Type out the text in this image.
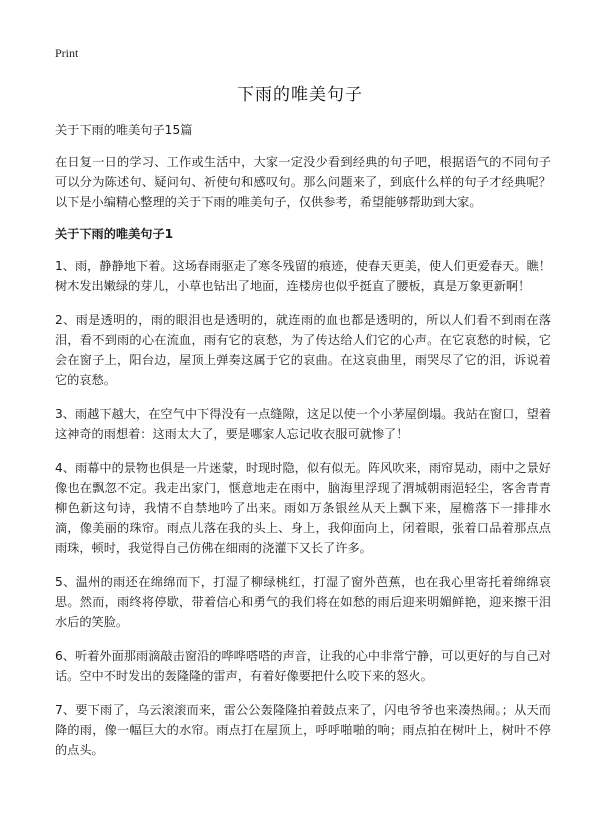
Print
下雨的唯美句子

关于下雨的唯美句子15篇

在日复一日的学习、工作或生活中，大家一定没少看到经典的句子吧，根据语气的不同句子可以分为陈述句、疑问句、祈使句和感叹句。那么问题来了，到底什么样的句子才经典呢？以下是小编精心整理的关于下雨的唯美句子，仅供参考，希望能够帮助到大家。

关于下雨的唯美句子1

1、雨，静静地下着。这场春雨驱走了寒冬残留的痕迹，使春天更美，使人们更爱春天。瞧！树木发出嫩绿的芽儿，小草也钻出了地面，连楼房也似乎挺直了腰板，真是万象更新啊！

2、雨是透明的，雨的眼泪也是透明的，就连雨的血也都是透明的，所以人们看不到雨在落泪，看不到雨的心在流血，雨有它的哀愁，为了传达给人们它的心声。在它哀愁的时候，它会在窗子上，阳台边，屋顶上弹奏这属于它的哀曲。在这哀曲里，雨哭尽了它的泪，诉说着它的哀愁。

3、雨越下越大，在空气中下得没有一点缝隙，这足以使一个小茅屋倒塌。我站在窗口，望着这神奇的雨想着：这雨太大了，要是哪家人忘记收衣服可就惨了！

4、雨幕中的景物也俱是一片迷蒙，时现时隐，似有似无。阵风吹来，雨帘晃动，雨中之景好像也在飘忽不定。我走出家门，惬意地走在雨中，脑海里浮现了渭城朝雨浥轻尘，客舍青青柳色新这句诗，我情不自禁地吟了出来。雨如万条银丝从天上飘下来，屋檐落下一排排水滴，像美丽的珠帘。雨点儿落在我的头上、身上，我仰面向上，闭着眼，张着口品着那点点雨珠，顿时，我觉得自己仿佛在细雨的浇灌下又长了许多。

5、温州的雨还在绵绵而下，打湿了柳绿桃红，打湿了窗外芭蕉，也在我心里寄托着绵绵哀思。然而，雨终将停歇，带着信心和勇气的我们将在如愁的雨后迎来明媚鲜艳，迎来擦干泪水后的笑脸。

6、听着外面那雨滴敲击窗沿的哗哗嗒嗒的声音，让我的心中非常宁静，可以更好的与自己对话。空中不时发出的轰隆隆的雷声，有着好像要把什么咬下来的怒火。

7、要下雨了，乌云滚滚而来，雷公公轰隆隆拍着鼓点来了，闪电爷爷也来凑热闹。；从天而降的雨，像一幅巨大的水帘。雨点打在屋顶上，呼呼啪啪的响；雨点拍在树叶上，树叶不停的点头。
